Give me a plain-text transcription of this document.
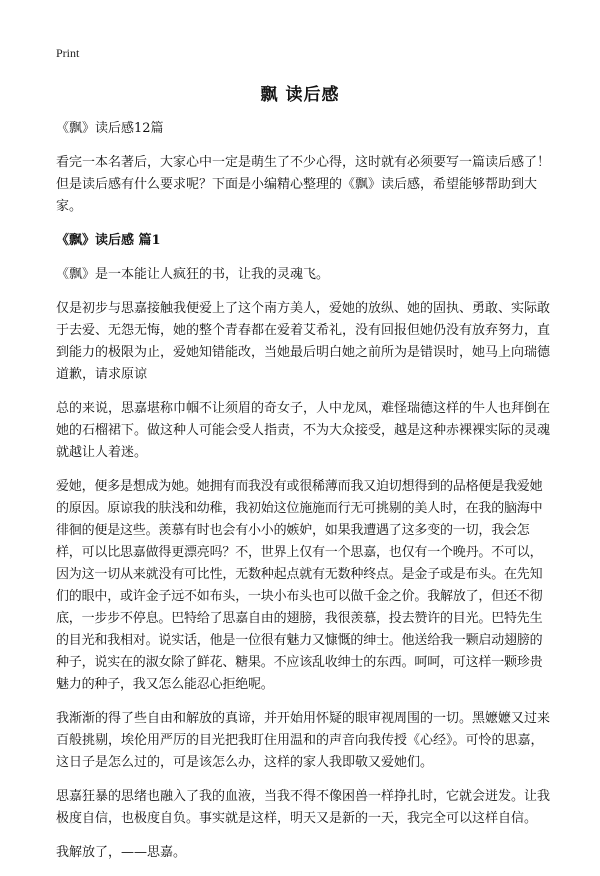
Print
飘 读后感
《飘》读后感12篇

看完一本名著后，大家心中一定是萌生了不少心得，这时就有必须要写一篇读后感了！但是读后感有什么要求呢？下面是小编精心整理的《飘》读后感，希望能够帮助到大家。

《飘》读后感 篇1

《飘》是一本能让人疯狂的书，让我的灵魂飞。

仅是初步与思嘉接触我便爱上了这个南方美人，爱她的放纵、她的固执、勇敢、实际敢于去爱、无怨无悔，她的整个青春都在爱着艾希礼，没有回报但她仍没有放弃努力，直到能力的极限为止，爱她知错能改，当她最后明白她之前所为是错误时，她马上向瑞德道歉，请求原谅

总的来说，思嘉堪称巾帼不让须眉的奇女子，人中龙凤，难怪瑞德这样的牛人也拜倒在她的石榴裙下。做这种人可能会受人指责，不为大众接受，越是这种赤裸裸实际的灵魂就越让人着迷。

爱她，便多是想成为她。她拥有而我没有或很稀薄而我又迫切想得到的品格便是我爱她的原因。原谅我的肤浅和幼稚，我初始这位施施而行无可挑剔的美人时，在我的脑海中徘徊的便是这些。羡慕有时也会有小小的嫉妒，如果我遭遇了这多变的一切，我会怎样，可以比思嘉做得更漂亮吗？不，世界上仅有一个思嘉，也仅有一个晚丹。不可以，因为这一切从来就没有可比性，无数种起点就有无数种终点。是金子或是布头。在先知们的眼中，或许金子远不如布头，一块小布头也可以做千金之价。我解放了，但还不彻底，一步步不停息。巴特给了思嘉自由的翅膀，我很羡慕，投去赞许的目光。巴特先生的目光和我相对。说实话，他是一位很有魅力又慷慨的绅士。他送给我一颗启动翅膀的种子，说实在的淑女除了鲜花、糖果。不应该乱收绅士的东西。呵呵，可这样一颗珍贵魅力的种子，我又怎么能忍心拒绝呢。

我渐渐的得了些自由和解放的真谛，并开始用怀疑的眼审视周围的一切。黑嬷嬷又过来百般挑剔，埃伦用严厉的目光把我盯住用温和的声音向我传授《心经》。可怜的思嘉，这日子是怎么过的，可是该怎么办，这样的家人我即敬又爱她们。

思嘉狂暴的思绪也融入了我的血液，当我不得不像困兽一样挣扎时，它就会迸发。让我极度自信，也极度自负。事实就是这样，明天又是新的一天，我完全可以这样自信。

我解放了，——思嘉。
